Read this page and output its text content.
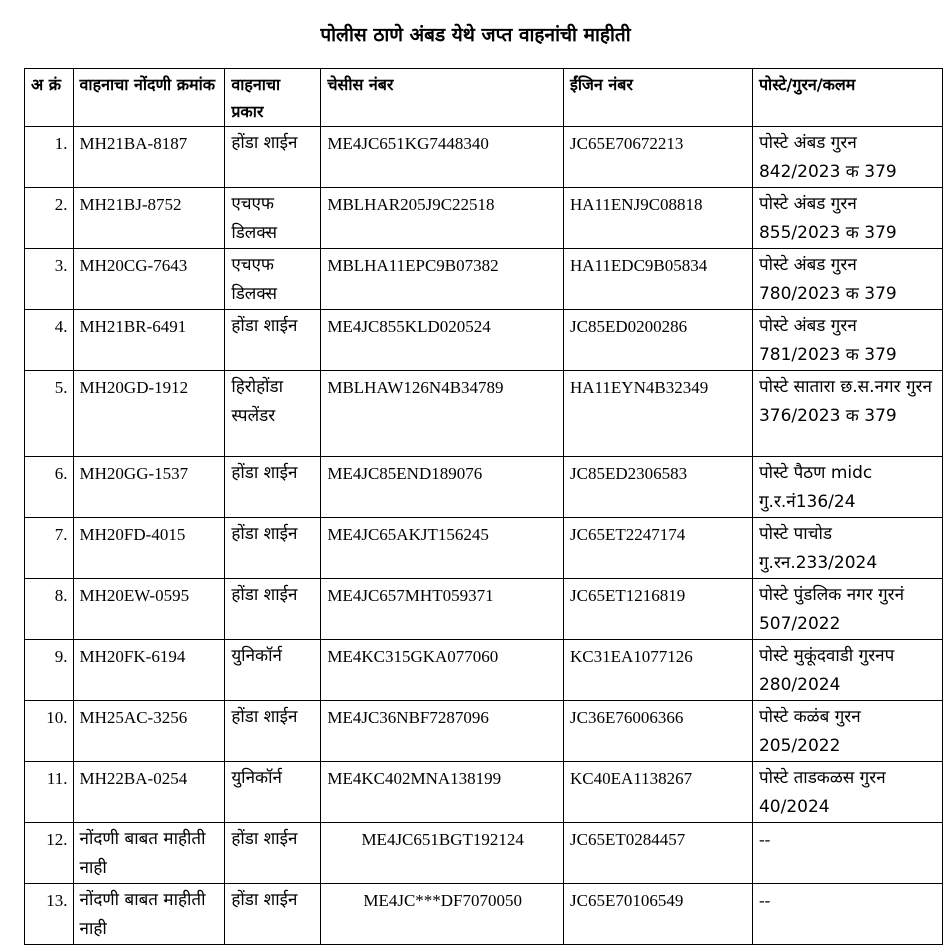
पोलीस ठाणे अंबड येथे जप्त वाहनांची माहीती
अ क्रं	वाहनाचा नोंदणी क्रमांक	वाहनाचा प्रकार	चेसीस नंबर	ईंजिन नंबर	पोस्टे/गुरन/कलम
1.	MH21BA-8187	होंडा शाईन	ME4JC651KG7448340	JC65E70672213	पोस्टे अंबड गुरन 842/2023 क 379
2.	MH21BJ-8752	एचएफ डिलक्स	MBLHAR205J9C22518	HA11ENJ9C08818	पोस्टे अंबड गुरन 855/2023 क 379
3.	MH20CG-7643	एचएफ डिलक्स	MBLHA11EPC9B07382	HA11EDC9B05834	पोस्टे अंबड गुरन 780/2023 क 379
4.	MH21BR-6491	होंडा शाईन	ME4JC855KLD020524	JC85ED0200286	पोस्टे अंबड गुरन 781/2023 क 379
5.	MH20GD-1912	हिरोहोंडा स्पलेंडर	MBLHAW126N4B34789	HA11EYN4B32349	पोस्टे सातारा छ.स.नगर गुरन 376/2023 क 379
6.	MH20GG-1537	होंडा शाईन	ME4JC85END189076	JC85ED2306583	पोस्टे पैठण midc गु.र.नं136/24
7.	MH20FD-4015	होंडा शाईन	ME4JC65AKJT156245	JC65ET2247174	पोस्टे पाचोड गु.रन.233/2024
8.	MH20EW-0595	होंडा शाईन	ME4JC657MHT059371	JC65ET1216819	पोस्टे पुंडलिक नगर गुरनं 507/2022
9.	MH20FK-6194	युनिकॉर्न	ME4KC315GKA077060	KC31EA1077126	पोस्टे मुकूंदवाडी गुरनप 280/2024
10.	MH25AC-3256	होंडा शाईन	ME4JC36NBF7287096	JC36E76006366	पोस्टे कळंब गुरन 205/2022
11.	MH22BA-0254	युनिकॉर्न	ME4KC402MNA138199	KC40EA1138267	पोस्टे ताडकळस गुरन 40/2024
12.	नोंदणी बाबत माहीती नाही	होंडा शाईन	ME4JC651BGT192124	JC65ET0284457	--
13.	नोंदणी बाबत माहीती नाही	होंडा शाईन	ME4JC***DF7070050	JC65E70106549	--
